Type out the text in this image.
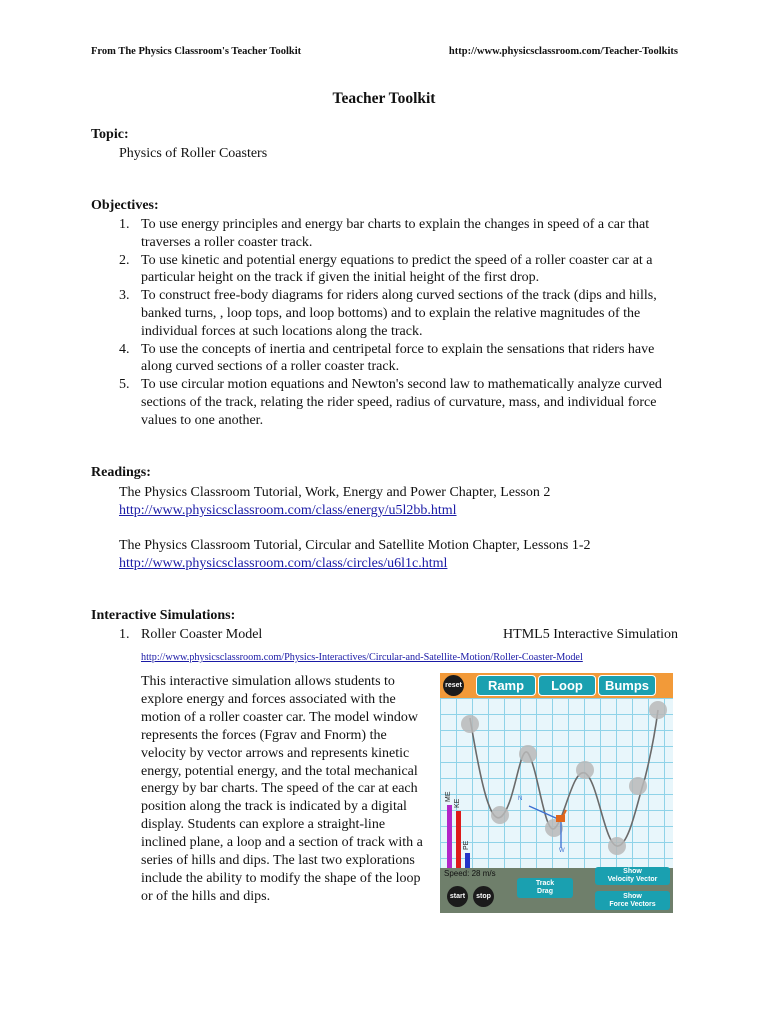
From The Physics Classroom's Teacher Toolkit	http://www.physicsclassroom.com/Teacher-Toolkits
Teacher Toolkit
Topic:
Physics of Roller Coasters
Objectives:
1. To use energy principles and energy bar charts to explain the changes in speed of a car that traverses a roller coaster track.
2. To use kinetic and potential energy equations to predict the speed of a roller coaster car at a particular height on the track if given the initial height of the first drop.
3. To construct free-body diagrams for riders along curved sections of the track (dips and hills, banked turns, , loop tops, and loop bottoms) and to explain the relative magnitudes of the individual forces at such locations along the track.
4. To use the concepts of inertia and centripetal force to explain the sensations that riders have along curved sections of a roller coaster track.
5. To use circular motion equations and Newton's second law to mathematically analyze curved sections of the track, relating the rider speed, radius of curvature, mass, and individual force values to one another.
Readings:
The Physics Classroom Tutorial, Work, Energy and Power Chapter, Lesson 2
http://www.physicsclassroom.com/class/energy/u5l2bb.html
The Physics Classroom Tutorial, Circular and Satellite Motion Chapter, Lessons 1-2
http://www.physicsclassroom.com/class/circles/u6l1c.html
Interactive Simulations:
1. Roller Coaster Model	HTML5 Interactive Simulation
http://www.physicsclassroom.com/Physics-Interactives/Circular-and-Satellite-Motion/Roller-Coaster-Model
This interactive simulation allows students to explore energy and forces associated with the motion of a roller coaster car. The model window represents the forces (Fgrav and Fnorm) the velocity by vector arrows and represents kinetic energy, potential energy, and the total mechanical energy by bar charts. The speed of the car at each position along the track is indicated by a digital display. Students can explore a straight-line inclined plane, a loop and a section of track with a series of hills and dips. The last two explorations include the ability to modify the shape of the loop or of the hills and dips.
reset	Ramp	Loop	Bumps
ME
KE
PE
N
W
Speed: 28 m/s
start	stop
Track
Drag
Show
Velocity Vector
Show
Force Vectors
